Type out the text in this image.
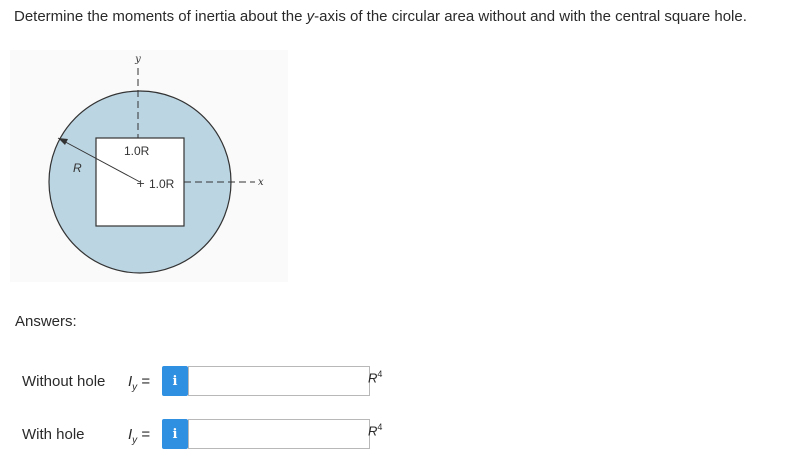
Determine the moments of inertia about the y-axis of the circular area without and with the central square hole.
y
x
R
1.0R
+ 1.0R
Answers:
Without hole $I_y$ =	i	$R^4$
With hole	$I_y$ =	i	$R^4$
